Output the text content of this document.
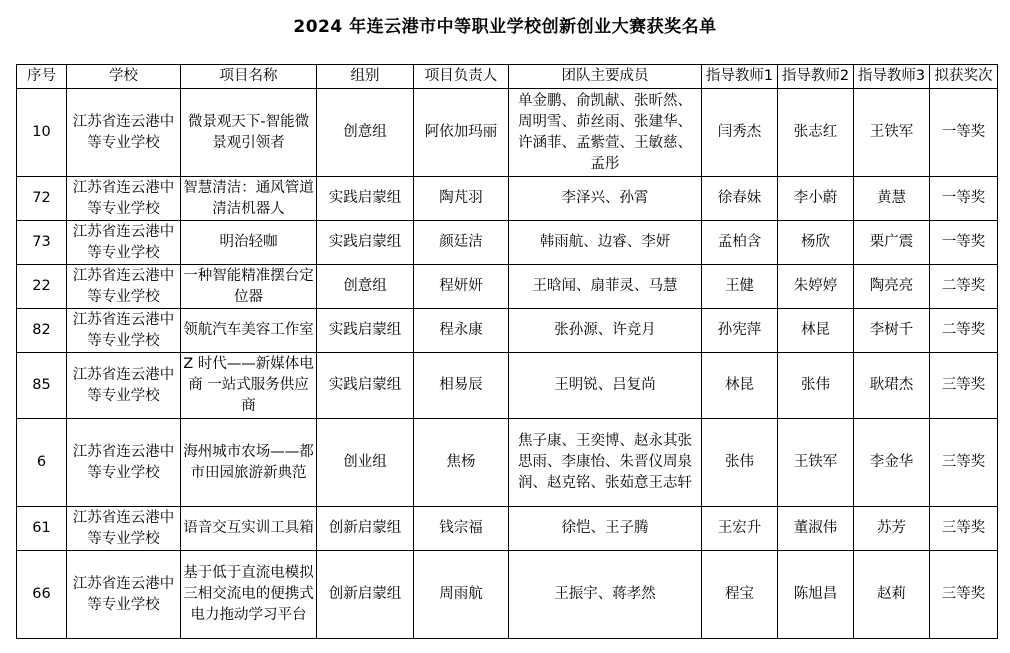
2024 年连云港市中等职业学校创新创业大赛获奖名单
序号	学校	项目名称	组别	项目负责人	团队主要成员	指导教师1	指导教师2	指导教师3	拟获奖次
10	江苏省连云港中等专业学校	微景观天下-智能微景观引领者	创意组	阿依加玛丽	单金鹏、俞凯献、张昕然、周明雪、茆丝雨、张建华、许涵菲、孟紫萱、王敏慈、孟彤	闫秀杰	张志红	王铁军	一等奖
72	江苏省连云港中等专业学校	智慧清洁：通风管道清洁机器人	实践启蒙组	陶芃羽	李泽兴、孙霄	徐春妹	李小蔚	黄慧	一等奖
73	江苏省连云港中等专业学校	明治轻咖	实践启蒙组	颜廷洁	韩雨航、边睿、李妍	孟柏含	杨欣	栗广震	一等奖
22	江苏省连云港中等专业学校	一种智能精准摆台定位器	创意组	程妍妍	王晗闻、扇菲灵、马慧	王健	朱婷婷	陶亮亮	二等奖
82	江苏省连云港中等专业学校	领航汽车美容工作室	实践启蒙组	程永康	张孙源、许竞月	孙宪萍	林昆	李树千	二等奖
85	江苏省连云港中等专业学校	Z 时代——新媒体电商 一站式服务供应商	实践启蒙组	相易辰	王明锐、吕复尚	林昆	张伟	耿珺杰	三等奖
6	江苏省连云港中等专业学校	海州城市农场——都市田园旅游新典范	创业组	焦杨	焦子康、王奕博、赵永其张思雨、李康怡、朱晋仪周泉润、赵克铭、张茹意王志轩	张伟	王铁军	李金华	三等奖
61	江苏省连云港中等专业学校	语音交互实训工具箱	创新启蒙组	钱宗福	徐恺、王子腾	王宏升	董淑伟	苏芳	三等奖
66	江苏省连云港中等专业学校	基于低于直流电模拟三相交流电的便携式电力拖动学习平台	创新启蒙组	周雨航	王振宇、蒋孝然	程宝	陈旭昌	赵莉	三等奖
